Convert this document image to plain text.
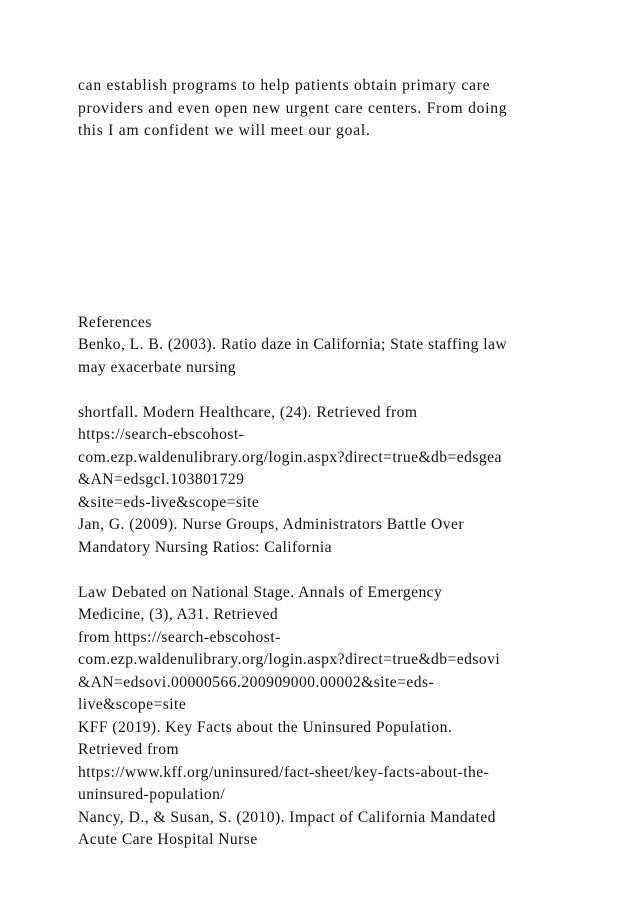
can establish programs to help patients obtain primary care
providers and even open new urgent care centers. From doing
this I am confident we will meet our goal.
References
Benko, L. B. (2003). Ratio daze in California; State staffing law
may exacerbate nursing
shortfall. Modern Healthcare, (24). Retrieved from
https://search-ebscohost-
com.ezp.waldenulibrary.org/login.aspx?direct=true&db=edsgea
&AN=edsgcl.103801729
&site=eds-live&scope=site
Jan, G. (2009). Nurse Groups, Administrators Battle Over
Mandatory Nursing Ratios: California
Law Debated on National Stage. Annals of Emergency
Medicine, (3), A31. Retrieved
from https://search-ebscohost-
com.ezp.waldenulibrary.org/login.aspx?direct=true&db=edsovi
&AN=edsovi.00000566.200909000.00002&site=eds-
live&scope=site
KFF (2019). Key Facts about the Uninsured Population.
Retrieved from
https://www.kff.org/uninsured/fact-sheet/key-facts-about-the-
uninsured-population/
Nancy, D., & Susan, S. (2010). Impact of California Mandated
Acute Care Hospital Nurse
